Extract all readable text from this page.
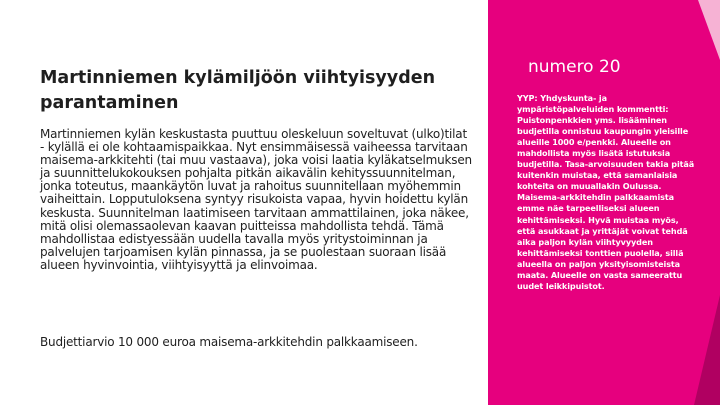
Martinniemen kylämiljöön viihtyisyyden parantaminen
Martinniemen kylän keskustasta puuttuu oleskeluun soveltuvat (ulko)tilat - kylällä ei ole kohtaamispaikkaa. Nyt ensimmäisessä vaiheessa tarvitaan maisema-arkkitehti (tai muu vastaava), joka voisi laatia kyläkatselmuksen ja suunnittelukokouksen pohjalta pitkän aikavälin kehityssuunnitelman, jonka toteutus, maankäytön luvat ja rahoitus suunnitellaan myöhemmin vaiheittain. Lopputuloksena syntyy risukoista vapaa, hyvin hoidettu kylän keskusta. Suunnitelman laatimiseen tarvitaan ammattilainen, joka näkee, mitä olisi olemassaolevan kaavan puitteissa mahdollista tehdä. Tämä mahdollistaa edistyessään uudella tavalla myös yritystoiminnan ja palvelujen tarjoamisen kylän pinnassa, ja se puolestaan suoraan lisää alueen hyvinvointia, viihtyisyyttä ja elinvoimaa.
Budjettiarvio 10 000 euroa maisema-arkkitehdin palkkaamiseen.
numero 20
YYP: Yhdyskunta- ja ympäristöpalveluiden kommentti: Puistonpenkkien yms. lisääminen budjetilla onnistuu kaupungin yleisille alueille 1000 e/penkki. Alueelle on mahdollista myös lisätä istutuksia budjetilla. Tasa-arvoisuuden takia pitää kuitenkin muistaa, että samanlaisia kohteita on muuallakin Oulussa. Maisema-arkkitehdin palkkaamista emme näe tarpeelliseksi alueen kehittämiseksi. Hyvä muistaa myös, että asukkaat ja yrittäjät voivat tehdä aika paljon kylän viihtyvyyden kehittämiseksi tonttien puolella, sillä alueella on paljon yksityisomisteista maata. Alueelle on vasta sameerattu uudet leikkipuistot.
